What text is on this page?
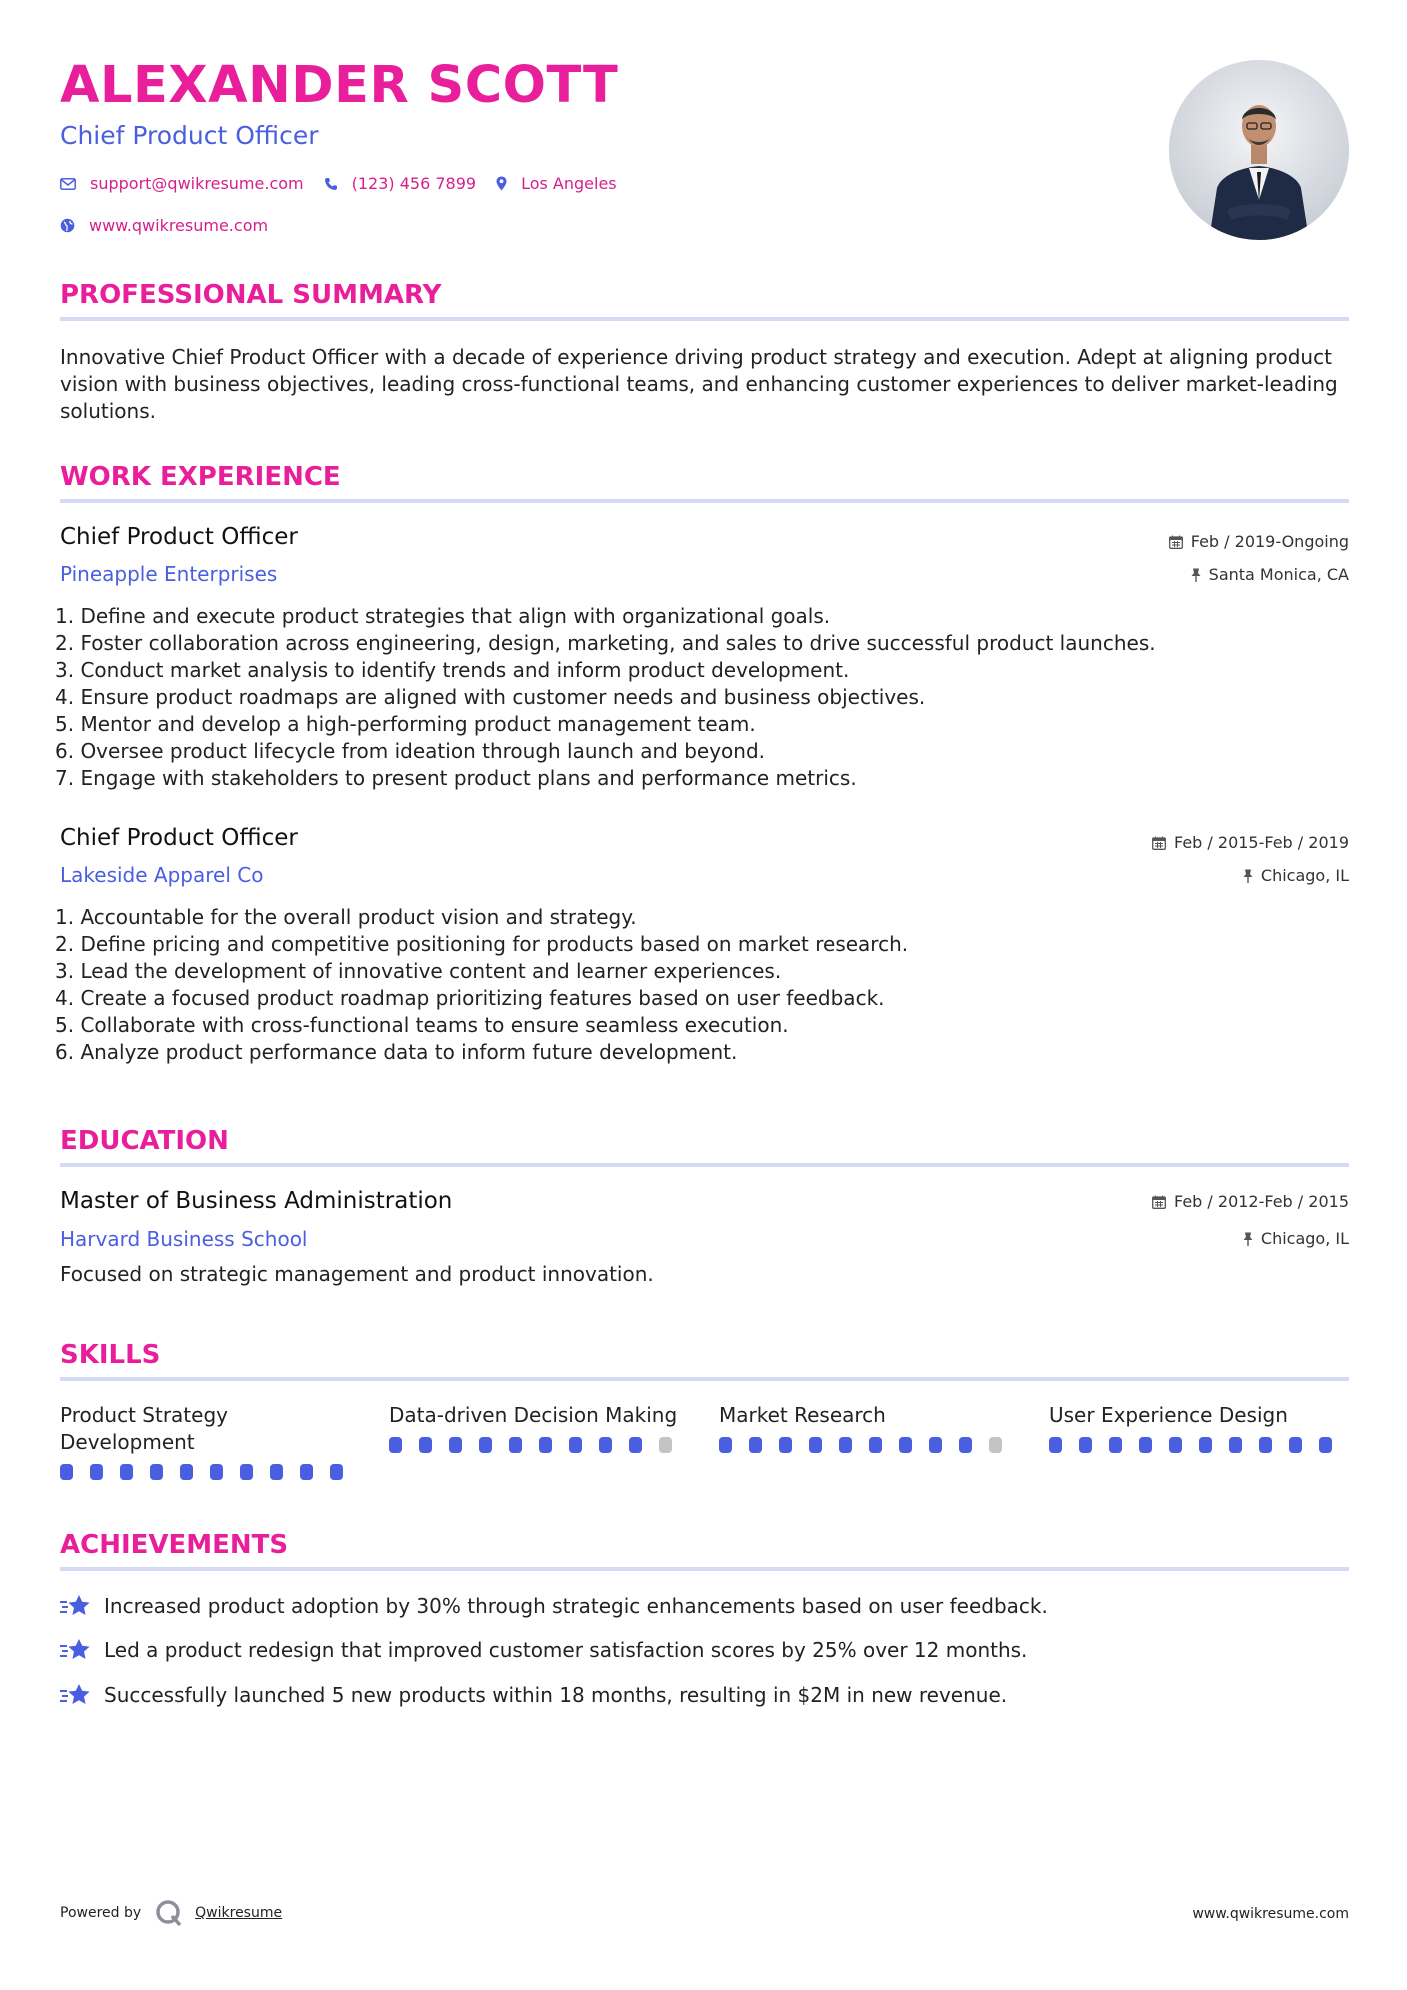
ALEXANDER SCOTT
Chief Product Officer
support@qwikresume.com	(123) 456 7899	Los Angeles
www.qwikresume.com
PROFESSIONAL SUMMARY

Innovative Chief Product Officer with a decade of experience driving product strategy and execution. Adept at aligning product vision with business objectives, leading cross-functional teams, and enhancing customer experiences to deliver market-leading solutions.

WORK EXPERIENCE
Chief Product Officer
Pineapple Enterprises
Feb / 2019-Ongoing
Santa Monica, CA
1. Define and execute product strategies that align with organizational goals.
2. Foster collaboration across engineering, design, marketing, and sales to drive successful product launches.
3. Conduct market analysis to identify trends and inform product development.
4. Ensure product roadmaps are aligned with customer needs and business objectives.
5. Mentor and develop a high-performing product management team.
6. Oversee product lifecycle from ideation through launch and beyond.
7. Engage with stakeholders to present product plans and performance metrics.
Chief Product Officer
Lakeside Apparel Co
Feb / 2015-Feb / 2019
Chicago, IL
1. Accountable for the overall product vision and strategy.
2. Define pricing and competitive positioning for products based on market research.
3. Lead the development of innovative content and learner experiences.
4. Create a focused product roadmap prioritizing features based on user feedback.
5. Collaborate with cross-functional teams to ensure seamless execution.
6. Analyze product performance data to inform future development.
EDUCATION
Master of Business Administration
Harvard Business School
Feb / 2012-Feb / 2015
Chicago, IL
Focused on strategic management and product innovation.
SKILLS
Product Strategy Development
Data-driven Decision Making	Market Research	User Experience Design
ACHIEVEMENTS
Increased product adoption by 30% through strategic enhancements based on user feedback.
Led a product redesign that improved customer satisfaction scores by 25% over 12 months.
Successfully launched 5 new products within 18 months, resulting in $2M in new revenue.
Powered by	Qwikresume	www.qwikresume.com
